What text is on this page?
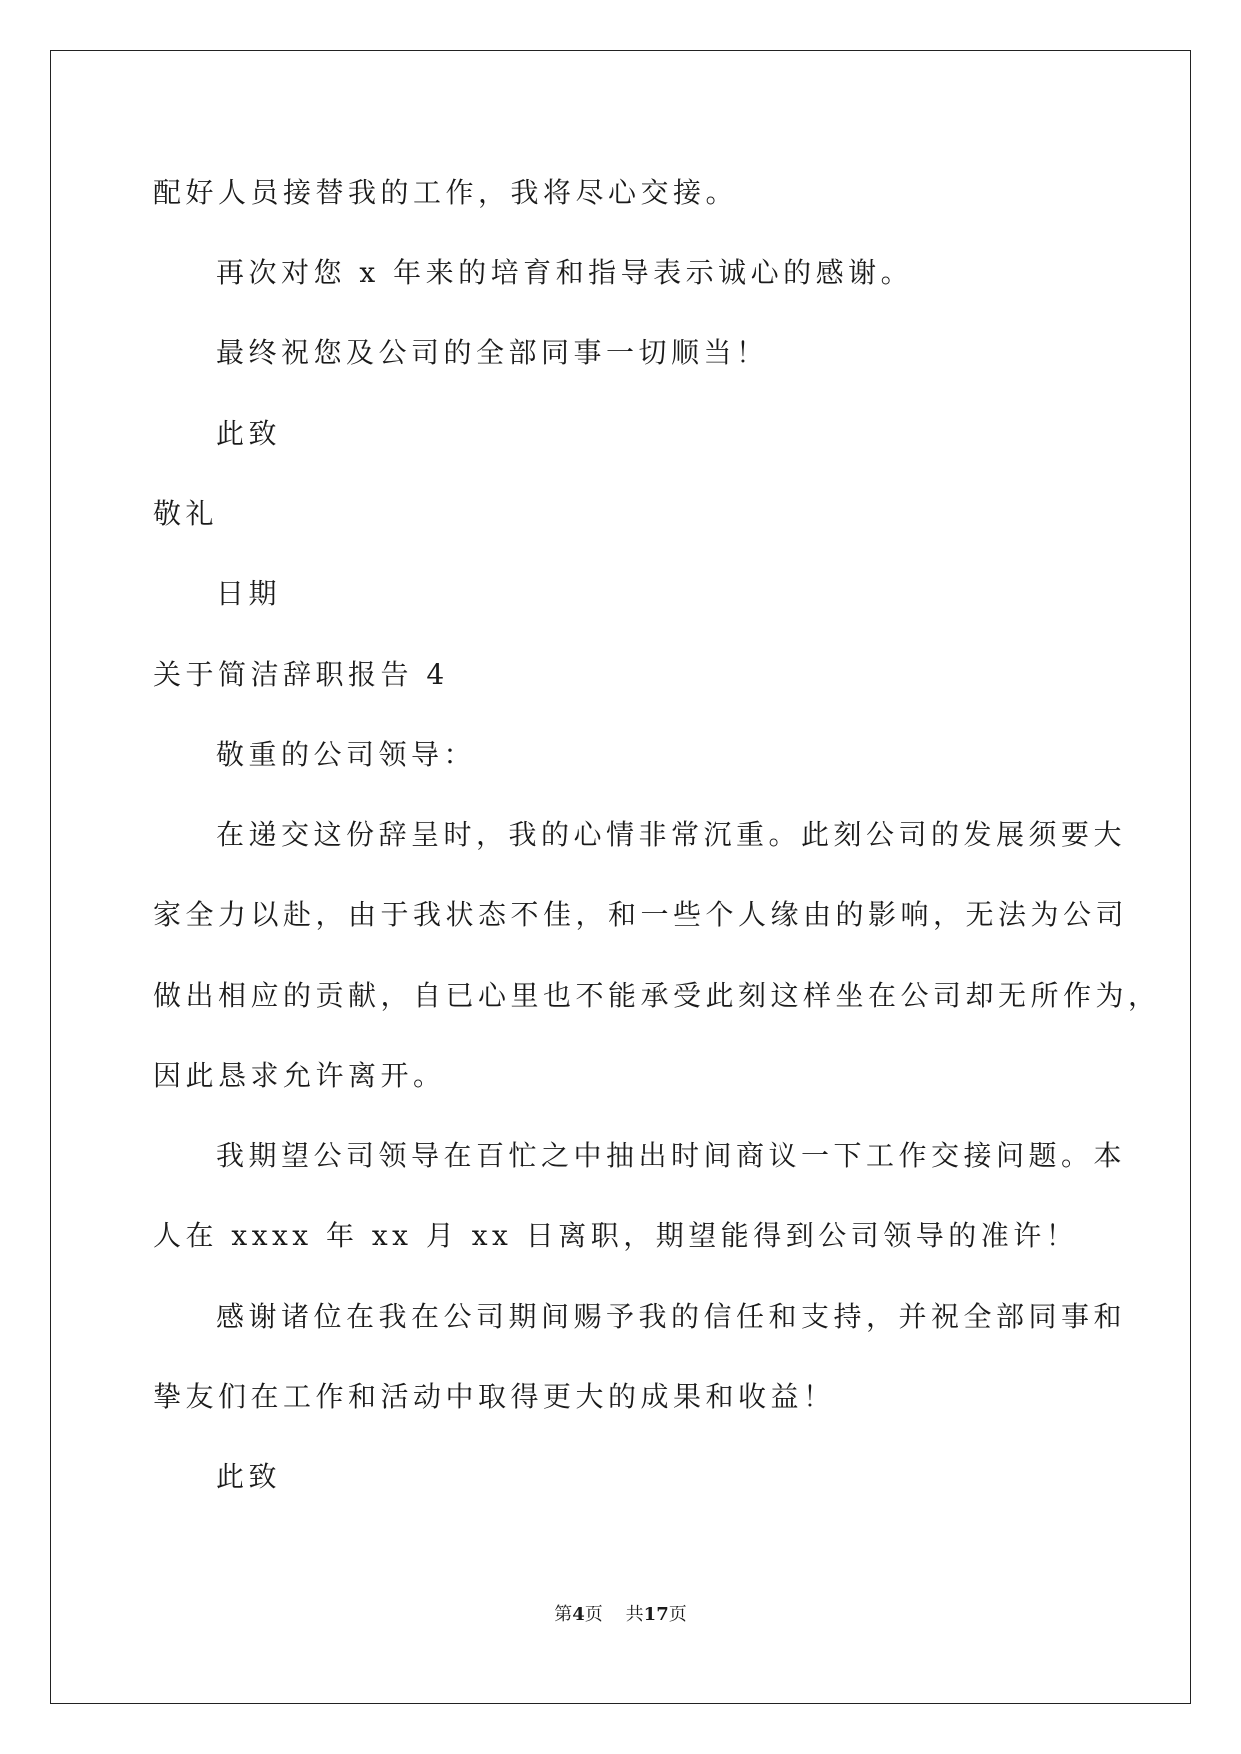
配好人员接替我的工作，我将尽心交接。

再次对您 x 年来的培育和指导表示诚心的感谢。

最终祝您及公司的全部同事一切顺当！

此致

敬礼

日期

关于简洁辞职报告 4

敬重的公司领导：

在递交这份辞呈时，我的心情非常沉重。此刻公司的发展须要大

家全力以赴，由于我状态不佳，和一些个人缘由的影响，无法为公司

做出相应的贡献，自已心里也不能承受此刻这样坐在公司却无所作为，

因此恳求允许离开。

我期望公司领导在百忙之中抽出时间商议一下工作交接问题。本

人在 xxxx 年 xx 月 xx 日离职，期望能得到公司领导的准许！

感谢诸位在我在公司期间赐予我的信任和支持，并祝全部同事和

挚友们在工作和活动中取得更大的成果和收益！

此致

第4页 共17页
